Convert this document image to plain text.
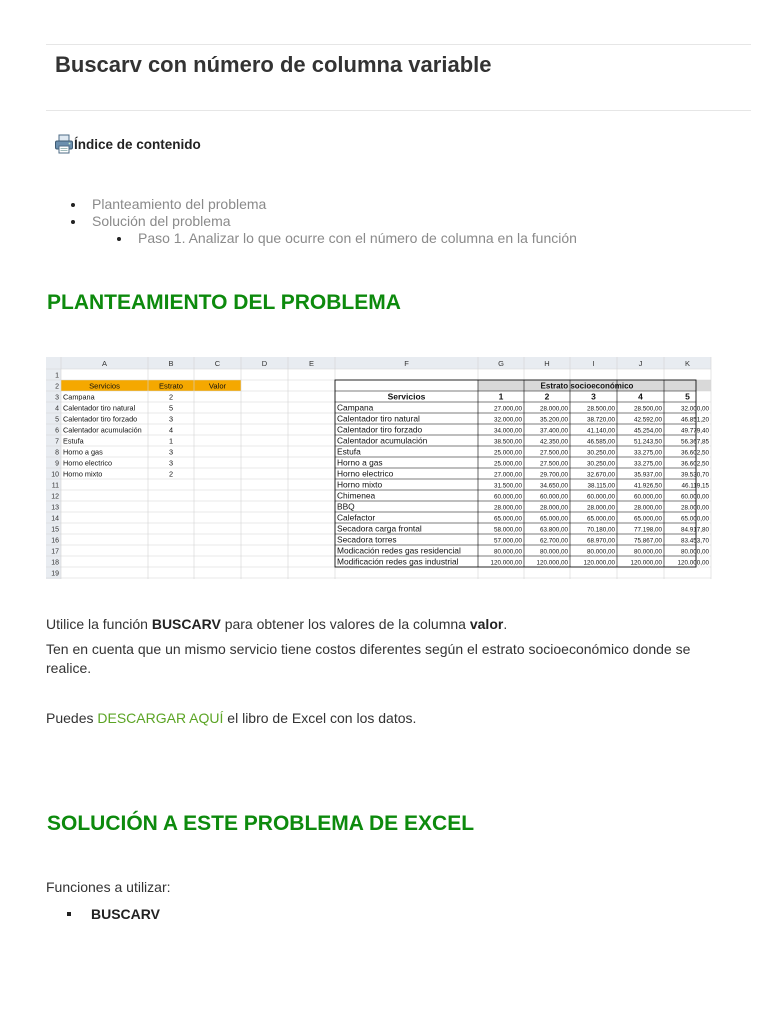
Buscarv con número de columna variable
Índice de contenido
Planteamiento del problema
Solución del problema
Paso 1. Analizar lo que ocurre con el número de columna en la función
PLANTEAMIENTO DEL PROBLEMA
A	B	C	D	E	F	G	H	I	J	K
1
2
3
4
5
6
7
8
9
10
11
12
13
14
15
16
17
18
19
Servicios	Estrato	Valor
Campana	2
Calentador tiro natural	5
Calentador tiro forzado	3
Calentador acumulación	4
Estufa	1
Horno a gas	3
Horno electrico	3
Horno mixto	2
Estrato socioeconómico
Servicios	1	2	3	4	5
Campana	27.000,00	28.000,00	28.500,00	28.500,00	32.000,00
Calentador tiro natural	32.000,00	35.200,00	38.720,00	42.592,00	46.851,20
Calentador tiro forzado	34.000,00	37.400,00	41.140,00	45.254,00	49.779,40
Calentador acumulación	38.500,00	42.350,00	46.585,00	51.243,50	56.367,85
Estufa	25.000,00	27.500,00	30.250,00	33.275,00	36.602,50
Horno a gas	25.000,00	27.500,00	30.250,00	33.275,00	36.602,50
Horno electrico	27.000,00	29.700,00	32.670,00	35.937,00	39.530,70
Horno mixto	31.500,00	34.650,00	38.115,00	41.926,50	46.119,15
Chimenea	60.000,00	60.000,00	60.000,00	60.000,00	60.000,00
BBQ	28.000,00	28.000,00	28.000,00	28.000,00	28.000,00
Calefactor	65.000,00	65.000,00	65.000,00	65.000,00	65.000,00
Secadora carga frontal	58.000,00	63.800,00	70.180,00	77.198,00	84.917,80
Secadora torres	57.000,00	62.700,00	68.970,00	75.867,00	83.453,70
Modicación redes gas residencial	80.000,00	80.000,00	80.000,00	80.000,00	80.000,00
Modificación redes gas industrial	120.000,00 120.000,00 120.000,00 120.000,00 120.000,00

Utilice la función BUSCARV para obtener los valores de la columna valor.

Ten en cuenta que un mismo servicio tiene costos diferentes según el estrato socioeconómico donde se realice.

Puedes DESCARGAR AQUÍ el libro de Excel con los datos.

SOLUCIÓN A ESTE PROBLEMA DE EXCEL

Funciones a utilizar:

BUSCARV
